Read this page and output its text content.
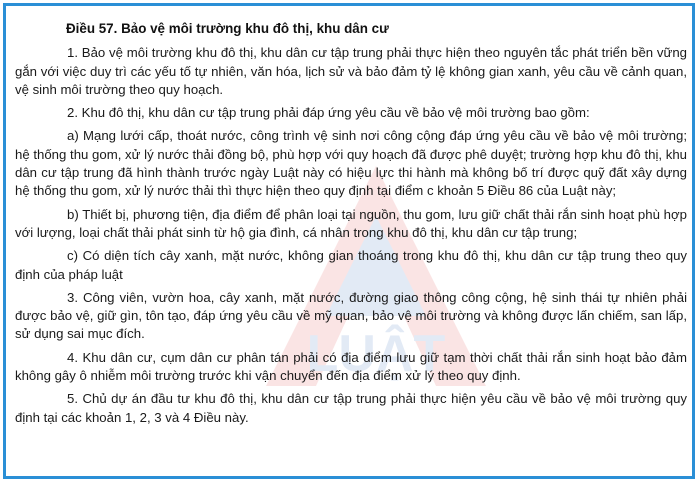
LUẬT
Điều 57. Bảo vệ môi trường khu đô thị, khu dân cư

1. Bảo vệ môi trường khu đô thị, khu dân cư tập trung phải thực hiện theo nguyên tắc phát triển bền vững gắn với việc duy trì các yếu tố tự nhiên, văn hóa, lịch sử và bảo đảm tỷ lệ không gian xanh, yêu cầu về cảnh quan, vệ sinh môi trường theo quy hoạch.

2. Khu đô thị, khu dân cư tập trung phải đáp ứng yêu cầu về bảo vệ môi trường bao gồm:

a) Mạng lưới cấp, thoát nước, công trình vệ sinh nơi công cộng đáp ứng yêu cầu về bảo vệ môi trường; hệ thống thu gom, xử lý nước thải đồng bộ, phù hợp với quy hoạch đã được phê duyệt; trường hợp khu đô thị, khu dân cư tập trung đã hình thành trước ngày Luật này có hiệu lực thi hành mà không bố trí được quỹ đất xây dựng hệ thống thu gom, xử lý nước thải thì thực hiện theo quy định tại điểm c khoản 5 Điều 86 của Luật này;

b) Thiết bị, phương tiện, địa điểm để phân loại tại nguồn, thu gom, lưu giữ chất thải rắn sinh hoạt phù hợp với lượng, loại chất thải phát sinh từ hộ gia đình, cá nhân trong khu đô thị, khu dân cư tập trung;

c) Có diện tích cây xanh, mặt nước, không gian thoáng trong khu đô thị, khu dân cư tập trung theo quy định của pháp luật

3. Công viên, vườn hoa, cây xanh, mặt nước, đường giao thông công cộng, hệ sinh thái tự nhiên phải được bảo vệ, giữ gìn, tôn tạo, đáp ứng yêu cầu về mỹ quan, bảo vệ môi trường và không được lấn chiếm, san lấp, sử dụng sai mục đích.

4. Khu dân cư, cụm dân cư phân tán phải có địa điểm lưu giữ tạm thời chất thải rắn sinh hoạt bảo đảm không gây ô nhiễm môi trường trước khi vận chuyển đến địa điểm xử lý theo quy định.

5. Chủ dự án đầu tư khu đô thị, khu dân cư tập trung phải thực hiện yêu cầu về bảo vệ môi trường quy định tại các khoản 1, 2, 3 và 4 Điều này.
